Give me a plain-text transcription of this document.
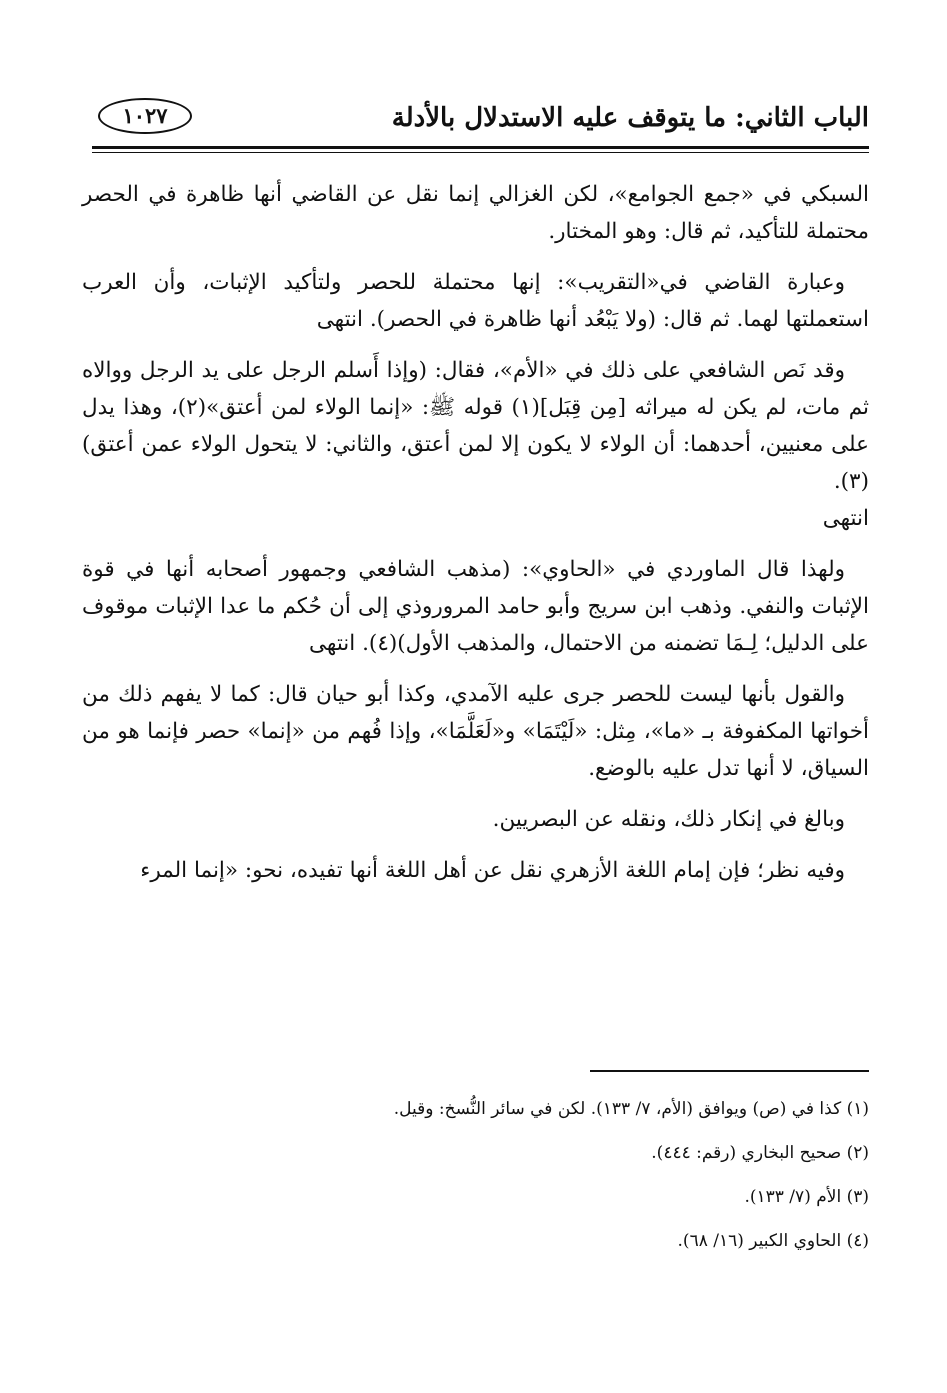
الباب الثاني: ما يتوقف عليه الاستدلال بالأدلة
١٠٢٧

السبكي في «جمع الجوامع»، لكن الغزالي إنما نقل عن القاضي أنها ظاهرة في الحصر محتملة للتأكيد، ثم قال: وهو المختار.

وعبارة القاضي في«التقريب»: إنها محتملة للحصر ولتأكيد الإثبات، وأن العرب استعملتها لهما. ثم قال: (ولا يَبْعُد أنها ظاهرة في الحصر). انتهى

وقد نَص الشافعي على ذلك في «الأم»، فقال: (وإذا أَسلم الرجل على يد الرجل ووالاه ثم مات، لم يكن له ميراثه [مِن قِبَل](١) قوله ﷺ: «إنما الولاء لمن أعتق»(٢)، وهذا يدل على معنيين، أحدهما: أن الولاء لا يكون إلا لمن أعتق، والثاني: لا يتحول الولاء عمن أعتق)(٣).

انتهى

ولهذا قال الماوردي في «الحاوي»: (مذهب الشافعي وجمهور أصحابه أنها في قوة الإثبات والنفي. وذهب ابن سريج وأبو حامد المروروذي إلى أن حُكم ما عدا الإثبات موقوف على الدليل؛ لِـمَا تضمنه من الاحتمال، والمذهب الأول)(٤). انتهى

والقول بأنها ليست للحصر جرى عليه الآمدي، وكذا أبو حيان قال: كما لا يفهم ذلك من أخواتها المكفوفة بـ «ما»، مِثل: «لَيْتَمَا» و«لَعَلَّمَا»، وإذا فُهم من «إنما» حصر فإنما هو من السياق، لا أنها تدل عليه بالوضع.

وبالغ في إنكار ذلك، ونقله عن البصريين.

وفيه نظر؛ فإن إمام اللغة الأزهري نقل عن أهل اللغة أنها تفيده، نحو: «إنما المرء

(١) كذا في (ص) ويوافق (الأم، ٧/ ١٣٣). لكن في سائر النُّسخ: وقيل.
(٢) صحيح البخاري (رقم: ٤٤٤).
(٣) الأم (٧/ ١٣٣).
(٤) الحاوي الكبير (١٦/ ٦٨).
